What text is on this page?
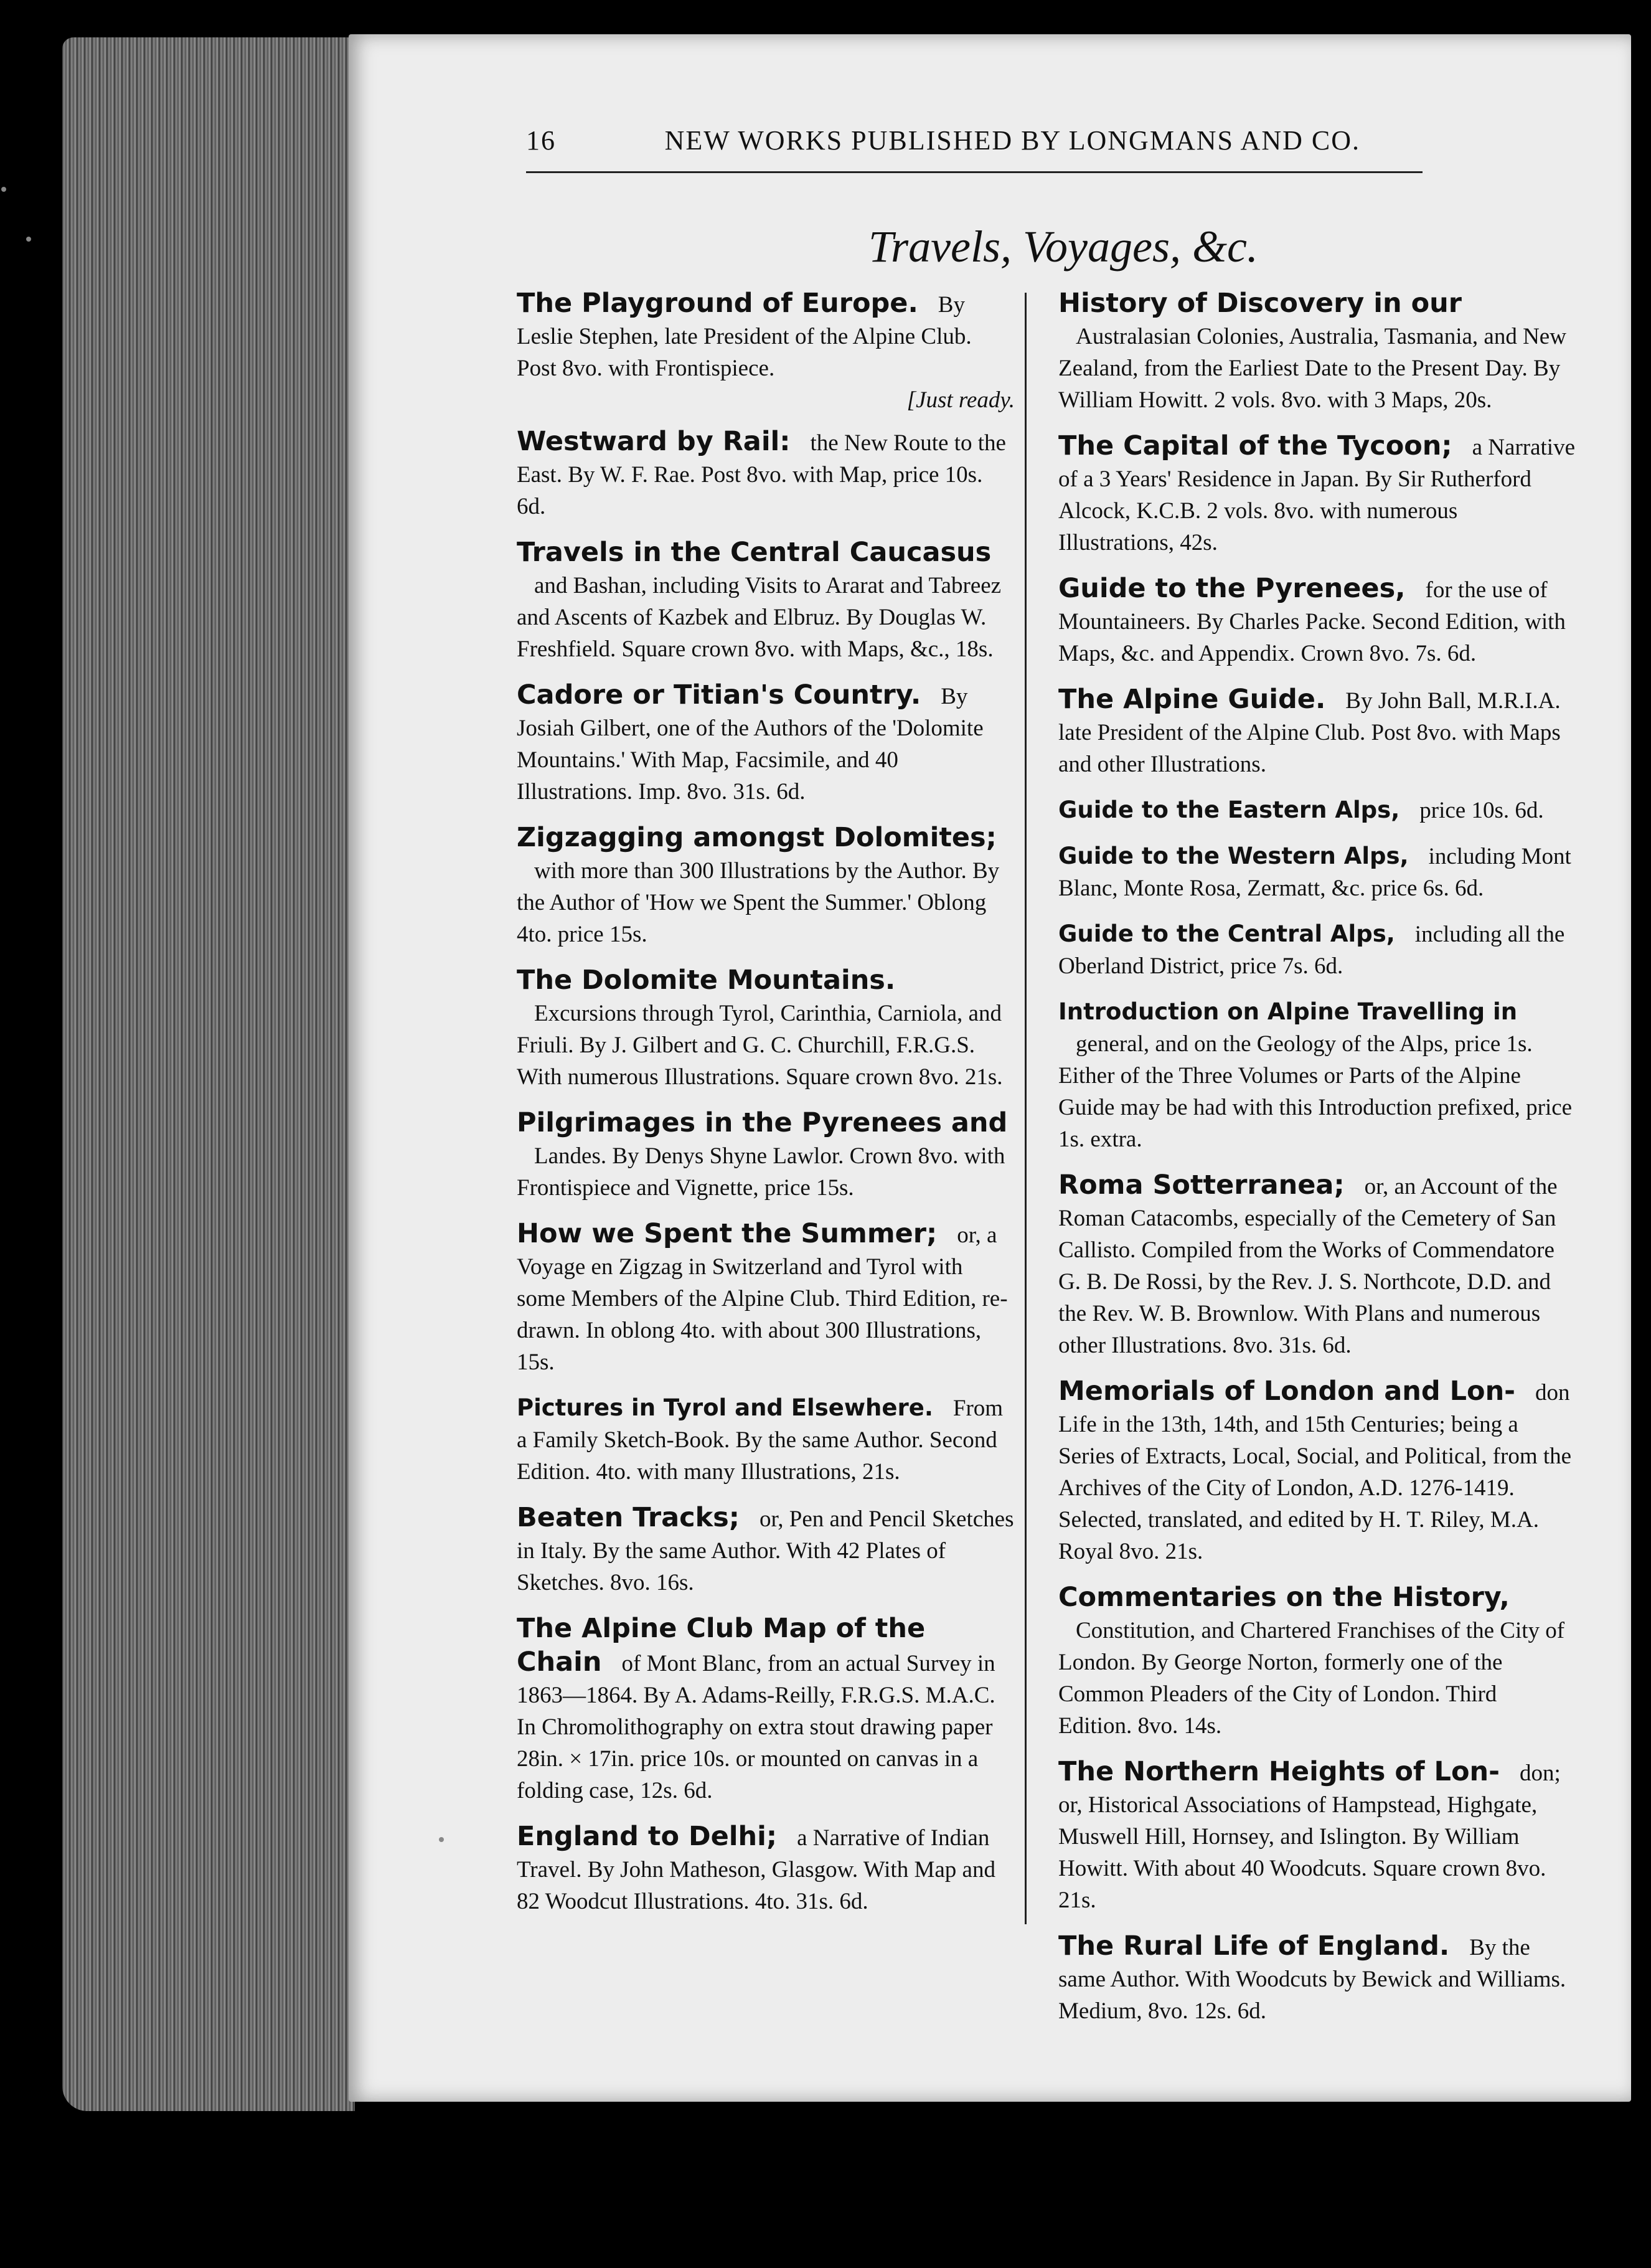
16	NEW WORKS PUBLISHED BY LONGMANS AND CO.
Travels, Voyages, &c.

The Playground of Europe. By Leslie Stephen, late President of the Alpine Club. Post 8vo. with Frontispiece.

[Just ready.

Westward by Rail: the New Route to the East. By W. F. Rae. Post 8vo. with Map, price 10s. 6d.

Travels in the Central Caucasus and Bashan, including Visits to Ararat and Tabreez and Ascents of Kazbek and Elbruz. By Douglas W. Freshfield. Square crown 8vo. with Maps, &c., 18s.

Cadore or Titian's Country. By Josiah Gilbert, one of the Authors of the 'Dolomite Mountains.' With Map, Facsimile, and 40 Illustrations. Imp. 8vo. 31s. 6d.

Zigzagging amongst Dolomites; with more than 300 Illustrations by the Author. By the Author of 'How we Spent the Summer.' Oblong 4to. price 15s.

The Dolomite Mountains. Excursions through Tyrol, Carinthia, Carniola, and Friuli. By J. Gilbert and G. C. Churchill, F.R.G.S. With numerous Illustrations. Square crown 8vo. 21s.

Pilgrimages in the Pyrenees and Landes. By Denys Shyne Lawlor. Crown 8vo. with Frontispiece and Vignette, price 15s.

How we Spent the Summer; or, a Voyage en Zigzag in Switzerland and Tyrol with some Members of the Alpine Club. Third Edition, re-drawn. In oblong 4to. with about 300 Illustrations, 15s.

Pictures in Tyrol and Elsewhere. From a Family Sketch-Book. By the same Author. Second Edition. 4to. with many Illustrations, 21s.

Beaten Tracks; or, Pen and Pencil Sketches in Italy. By the same Author. With 42 Plates of Sketches. 8vo. 16s.

The Alpine Club Map of the Chain of Mont Blanc, from an actual Survey in 1863—1864. By A. Adams-Reilly, F.R.G.S. M.A.C. In Chromolithography on extra stout drawing paper 28in. × 17in. price 10s. or mounted on canvas in a folding case, 12s. 6d.

England to Delhi; a Narrative of Indian Travel. By John Matheson, Glasgow. With Map and 82 Woodcut Illustrations. 4to. 31s. 6d.

History of Discovery in our Australasian Colonies, Australia, Tasmania, and New Zealand, from the Earliest Date to the Present Day. By William Howitt. 2 vols. 8vo. with 3 Maps, 20s.

The Capital of the Tycoon; a Narrative of a 3 Years' Residence in Japan. By Sir Rutherford Alcock, K.C.B. 2 vols. 8vo. with numerous Illustrations, 42s.

Guide to the Pyrenees, for the use of Mountaineers. By Charles Packe. Second Edition, with Maps, &c. and Appendix. Crown 8vo. 7s. 6d.

The Alpine Guide. By John Ball, M.R.I.A. late President of the Alpine Club. Post 8vo. with Maps and other Illustrations.

Guide to the Eastern Alps, price 10s. 6d.

Guide to the Western Alps, including Mont Blanc, Monte Rosa, Zermatt, &c. price 6s. 6d.

Guide to the Central Alps, including all the Oberland District, price 7s. 6d.

Introduction on Alpine Travelling in general, and on the Geology of the Alps, price 1s. Either of the Three Volumes or Parts of the Alpine Guide may be had with this Introduction prefixed, price 1s. extra.

Roma Sotterranea; or, an Account of the Roman Catacombs, especially of the Cemetery of San Callisto. Compiled from the Works of Commendatore G. B. De Rossi, by the Rev. J. S. Northcote, D.D. and the Rev. W. B. Brownlow. With Plans and numerous other Illustrations. 8vo. 31s. 6d.

Memorials of London and Lon- don Life in the 13th, 14th, and 15th Centuries; being a Series of Extracts, Local, Social, and Political, from the Archives of the City of London, A.D. 1276-1419. Selected, translated, and edited by H. T. Riley, M.A. Royal 8vo. 21s.

Commentaries on the History, Constitution, and Chartered Franchises of the City of London. By George Norton, formerly one of the Common Pleaders of the City of London. Third Edition. 8vo. 14s.

The Northern Heights of Lon- don; or, Historical Associations of Hampstead, Highgate, Muswell Hill, Hornsey, and Islington. By William Howitt. With about 40 Woodcuts. Square crown 8vo. 21s.

The Rural Life of England. By the same Author. With Woodcuts by Bewick and Williams. Medium, 8vo. 12s. 6d.
